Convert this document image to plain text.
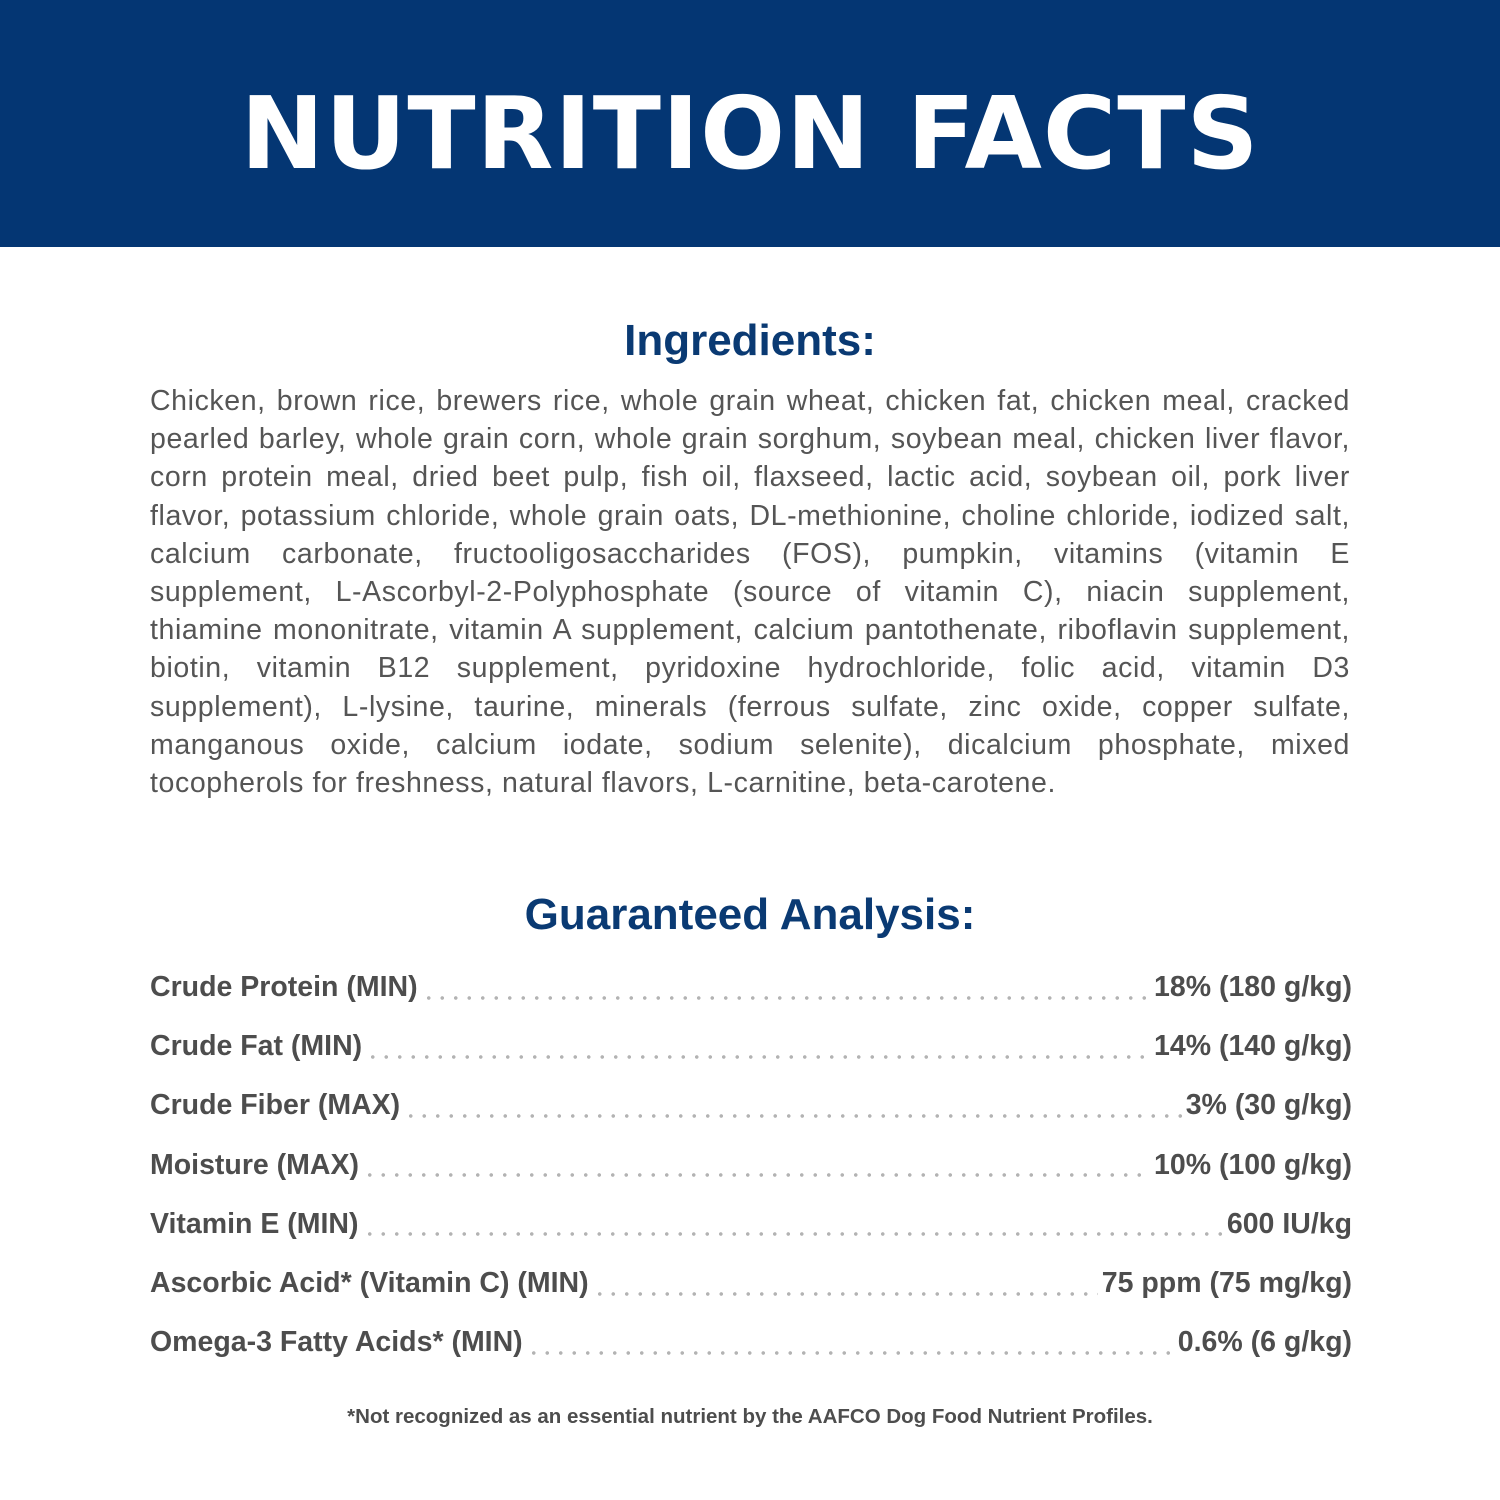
NUTRITION FACTS
Ingredients:

Chicken, brown rice, brewers rice, whole grain wheat, chicken fat, chicken meal, cracked pearled barley, whole grain corn, whole grain sorghum, soybean meal, chicken liver flavor, corn protein meal, dried beet pulp, fish oil, flaxseed, lactic acid, soybean oil, pork liver flavor, potassium chloride, whole grain oats, DL-methionine, choline chloride, iodized salt, calcium carbonate, fructooligosaccharides (FOS), pumpkin, vitamins (vitamin E supplement, L-Ascorbyl-2-Polyphosphate (source of vitamin C), niacin supplement, thiamine mononitrate, vitamin A supplement, calcium pantothenate, riboflavin supplement, biotin, vitamin B12 supplement, pyridoxine hydrochloride, folic acid, vitamin D3 supplement), L-lysine, taurine, minerals (ferrous sulfate, zinc oxide, copper sulfate, manganous oxide, calcium iodate, sodium selenite), dicalcium phosphate, mixed tocopherols for freshness, natural flavors, L-carnitine, beta-carotene.

Guaranteed Analysis:
Crude Protein (MIN)	18% (180 g/kg)
Crude Fat (MIN)	14% (140 g/kg)
Crude Fiber (MAX)	3% (30 g/kg)
Moisture (MAX)	10% (100 g/kg)
Vitamin E (MIN)	600 IU/kg
Ascorbic Acid* (Vitamin C) (MIN)	75 ppm (75 mg/kg)
Omega-3 Fatty Acids* (MIN)	0.6% (6 g/kg)

*Not recognized as an essential nutrient by the AAFCO Dog Food Nutrient Profiles.
